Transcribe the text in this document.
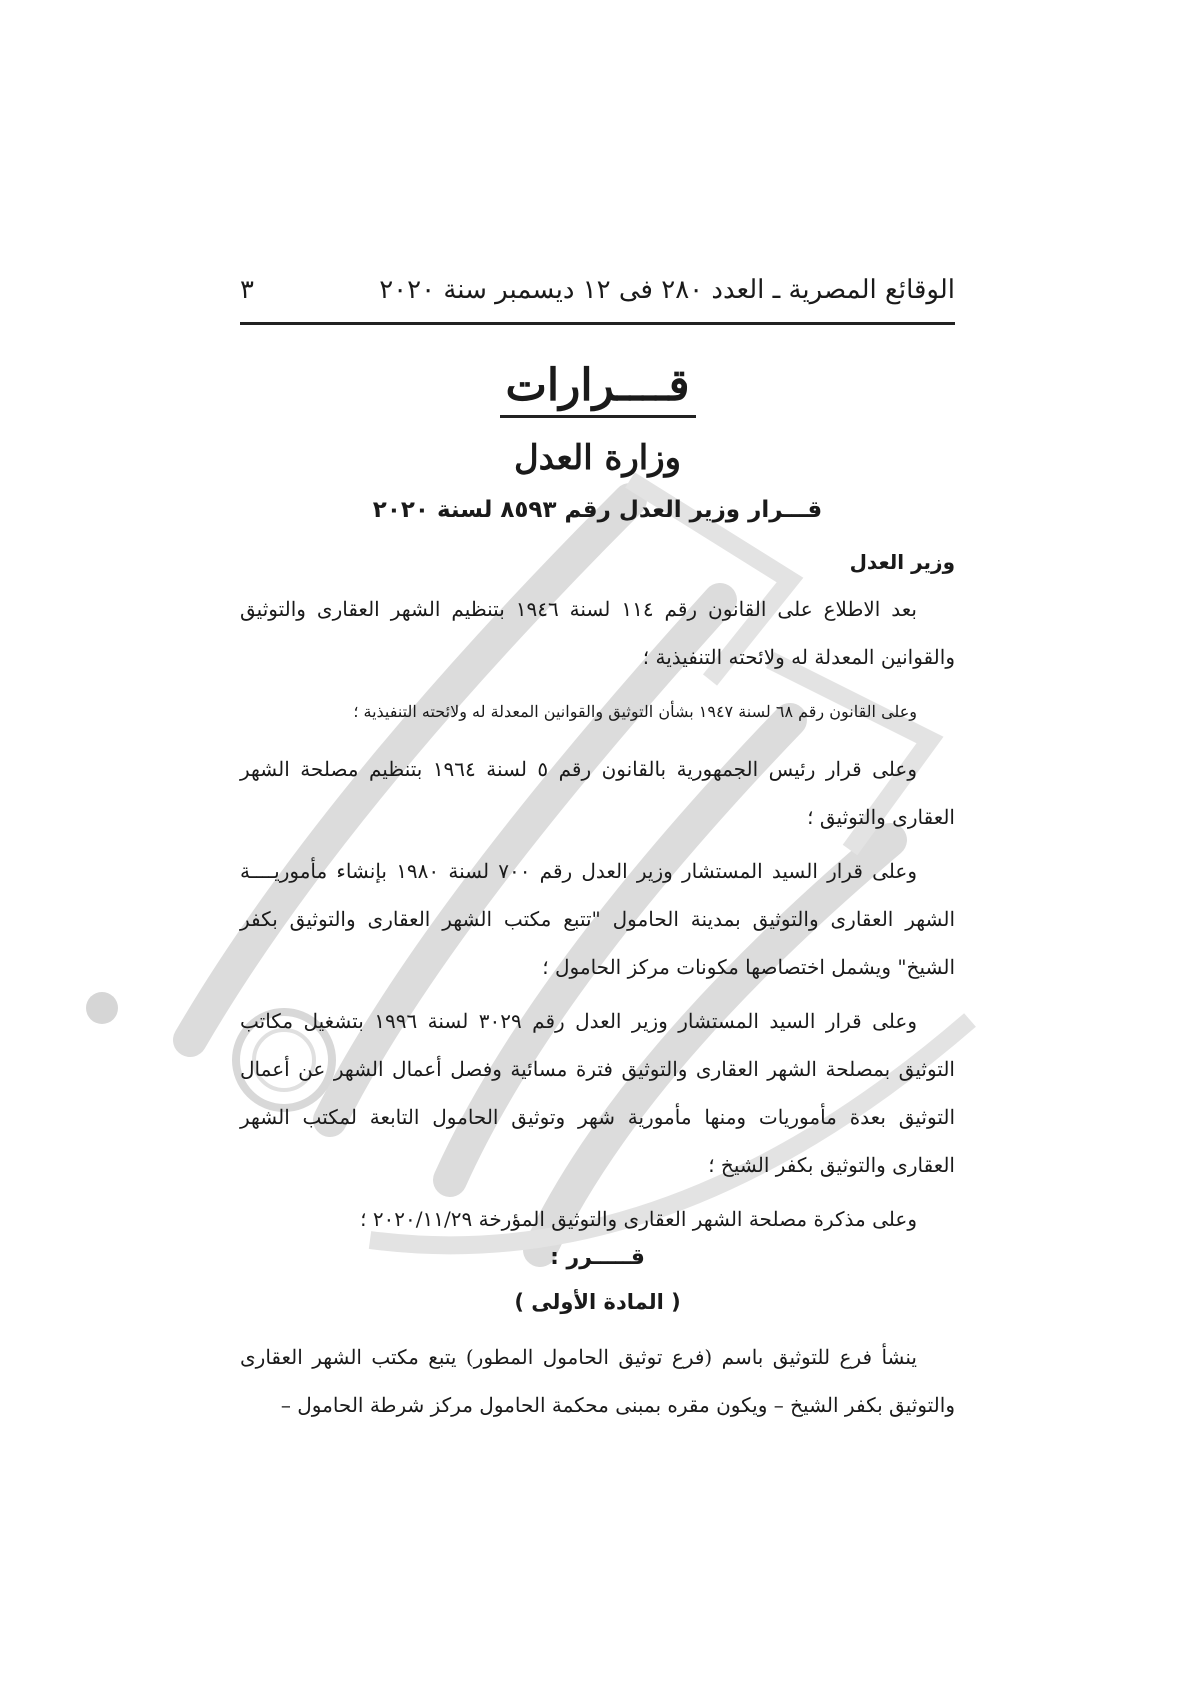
الوقائع المصرية ـ العدد ٢٨٠ فى ١٢ ديسمبر سنة ٢٠٢٠
٣
قــــرارات
وزارة العدل
قـــرار وزير العدل رقم ٨٥٩٣ لسنة ٢٠٢٠
وزير العدل
بعد الاطلاع على القانون رقم ١١٤ لسنة ١٩٤٦ بتنظيم الشهر العقارى والتوثيق والقوانين المعدلة له ولائحته التنفيذية ؛
وعلى القانون رقم ٦٨ لسنة ١٩٤٧ بشأن التوثيق والقوانين المعدلة له ولائحته التنفيذية ؛
وعلى قرار رئيس الجمهورية بالقانون رقم ٥ لسنة ١٩٦٤ بتنظيم مصلحة الشهر العقارى والتوثيق ؛
وعلى قرار السيد المستشار وزير العدل رقم ٧٠٠ لسنة ١٩٨٠ بإنشاء مأموريــــة الشهر العقارى والتوثيق بمدينة الحامول "تتبع مكتب الشهر العقارى والتوثيق بكفر الشيخ" ويشمل اختصاصها مكونات مركز الحامول ؛
وعلى قرار السيد المستشار وزير العدل رقم ٣٠٢٩ لسنة ١٩٩٦ بتشغيل مكاتب التوثيق بمصلحة الشهر العقارى والتوثيق فترة مسائية وفصل أعمال الشهر عن أعمال التوثيق بعدة مأموريات ومنها مأمورية شهر وتوثيق الحامول التابعة لمكتب الشهر العقارى والتوثيق بكفر الشيخ ؛
وعلى مذكرة مصلحة الشهر العقارى والتوثيق المؤرخة ٢٠٢٠/١١/٢٩ ؛
قـــــرر :
( المادة الأولى )
ينشأ فرع للتوثيق باسم (فرع توثيق الحامول المطور) يتبع مكتب الشهر العقارى والتوثيق بكفر الشيخ – ويكون مقره بمبنى محكمة الحامول مركز شرطة الحامول –
